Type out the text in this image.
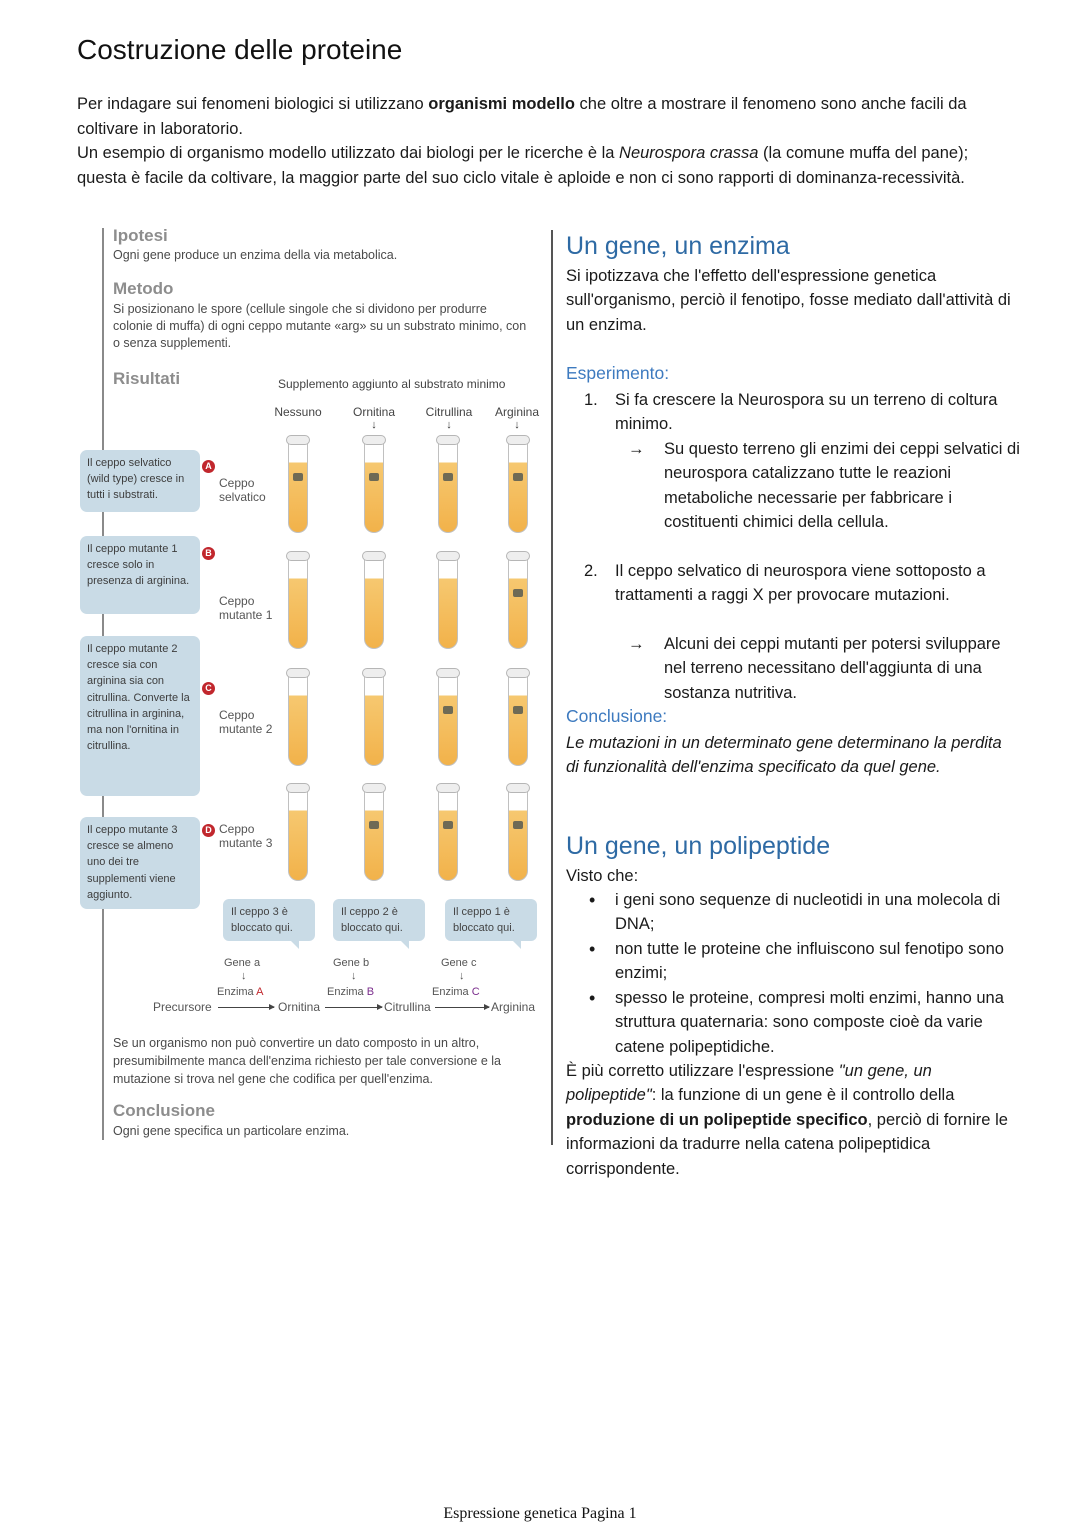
Costruzione delle proteine

Per indagare sui fenomeni biologici si utilizzano organismi modello che oltre a mostrare il fenomeno sono anche facili da coltivare in laboratorio.

Un esempio di organismo modello utilizzato dai biologi per le ricerche è la Neurospora crassa (la comune muffa del pane); questa è facile da coltivare, la maggior parte del suo ciclo vitale è aploide e non ci sono rapporti di dominanza-recessività.

Ipotesi

Ogni gene produce un enzima della via metabolica.

Metodo

Si posizionano le spore (cellule singole che si dividono per produrre colonie di muffa) di ogni ceppo mutante «arg» su un substrato minimo, con o senza supplementi.

Risultati	Supplemento aggiunto al substrato minimo
Nessuno	Ornitina	Citrullina	Arginina
↓	↓	↓
Il ceppo selvatico (wild type) cresce in tutti i substrati.
A
Ceppo selvatico
Il ceppo mutante 1 cresce solo in presenza di arginina.
B
Ceppo mutante 1
Il ceppo mutante 2 cresce sia con arginina sia con citrullina. Converte la citrullina in arginina, ma non l'ornitina in citrullina.
C
Ceppo mutante 2
Il ceppo mutante 3 cresce se almeno uno dei tre supplementi viene aggiunto.
D Ceppo mutante 3
Il ceppo 3 è bloccato qui.
Il ceppo 2 è bloccato qui.
Il ceppo 1 è bloccato qui.
Gene a	Gene b	Gene c
↓	↓	↓
Enzima A	Enzima B	Enzima C
Precursore	Ornitina	Citrullina	Arginina

Se un organismo non può convertire un dato composto in un altro, presumibilmente manca dell'enzima richiesto per tale conversione e la mutazione si trova nel gene che codifica per quell'enzima.

Conclusione

Ogni gene specifica un particolare enzima.

Un gene, un enzima

Si ipotizzava che l'effetto dell'espressione genetica sull'organismo, perciò il fenotipo, fosse mediato dall'attività di un enzima.

Esperimento:
1. Si fa crescere la Neurospora su un terreno di coltura minimo.
→ Su questo terreno gli enzimi dei ceppi selvatici di neurospora catalizzano tutte le reazioni metaboliche necessarie per fabbricare i costituenti chimici della cellula.
2. Il ceppo selvatico di neurospora viene sottoposto a trattamenti a raggi X per provocare mutazioni.
→ Alcuni dei ceppi mutanti per potersi sviluppare nel terreno necessitano dell'aggiunta di una sostanza nutritiva.
Conclusione:

Le mutazioni in un determinato gene determinano la perdita di funzionalità dell'enzima specificato da quel gene.

Un gene, un polipeptide

Visto che:

• i geni sono sequenze di nucleotidi in una molecola di DNA;
• non tutte le proteine che influiscono sul fenotipo sono enzimi;
• spesso le proteine, compresi molti enzimi, hanno una struttura quaternaria: sono composte cioè da varie catene polipeptidiche.

È più corretto utilizzare l'espressione "un gene, un polipeptide": la funzione di un gene è il controllo della produzione di un polipeptide specifico, perciò di fornire le informazioni da tradurre nella catena polipeptidica corrispondente.

Espressione genetica Pagina 1
